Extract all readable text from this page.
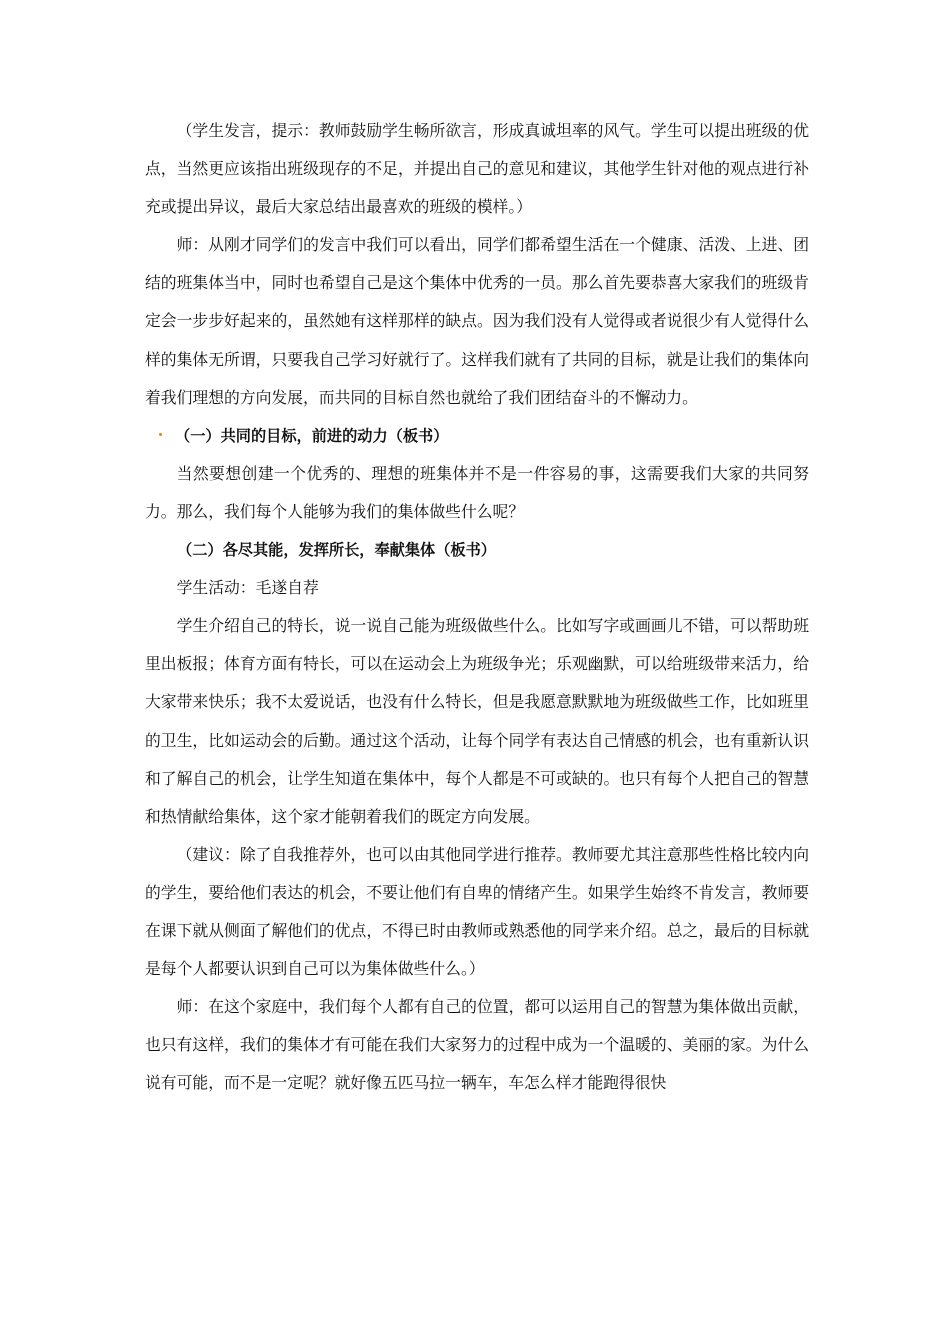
（学生发言，提示：教师鼓励学生畅所欲言，形成真诚坦率的风气。学生可以提出班级的优点，当然更应该指出班级现存的不足，并提出自己的意见和建议，其他学生针对他的观点进行补充或提出异议，最后大家总结出最喜欢的班级的模样。）

师：从刚才同学们的发言中我们可以看出，同学们都希望生活在一个健康、活泼、上进、团结的班集体当中，同时也希望自己是这个集体中优秀的一员。那么首先要恭喜大家我们的班级肯定会一步步好起来的，虽然她有这样那样的缺点。因为我们没有人觉得或者说很少有人觉得什么样的集体无所谓，只要我自己学习好就行了。这样我们就有了共同的目标，就是让我们的集体向着我们理想的方向发展，而共同的目标自然也就给了我们团结奋斗的不懈动力。

（一）共同的目标，前进的动力（板书）

当然要想创建一个优秀的、理想的班集体并不是一件容易的事，这需要我们大家的共同努力。那么，我们每个人能够为我们的集体做些什么呢？

（二）各尽其能，发挥所长，奉献集体（板书）

学生活动：毛遂自荐

学生介绍自己的特长，说一说自己能为班级做些什么。比如写字或画画儿不错，可以帮助班里出板报；体育方面有特长，可以在运动会上为班级争光；乐观幽默，可以给班级带来活力，给大家带来快乐；我不太爱说话，也没有什么特长，但是我愿意默默地为班级做些工作，比如班里的卫生，比如运动会的后勤。通过这个活动，让每个同学有表达自己情感的机会，也有重新认识和了解自己的机会，让学生知道在集体中，每个人都是不可或缺的。也只有每个人把自己的智慧和热情献给集体，这个家才能朝着我们的既定方向发展。

（建议：除了自我推荐外，也可以由其他同学进行推荐。教师要尤其注意那些性格比较内向的学生，要给他们表达的机会，不要让他们有自卑的情绪产生。如果学生始终不肯发言，教师要在课下就从侧面了解他们的优点，不得已时由教师或熟悉他的同学来介绍。总之，最后的目标就是每个人都要认识到自己可以为集体做些什么。）

师：在这个家庭中，我们每个人都有自己的位置，都可以运用自己的智慧为集体做出贡献，也只有这样，我们的集体才有可能在我们大家努力的过程中成为一个温暖的、美丽的家。为什么说有可能，而不是一定呢？就好像五匹马拉一辆车，车怎么样才能跑得很快
